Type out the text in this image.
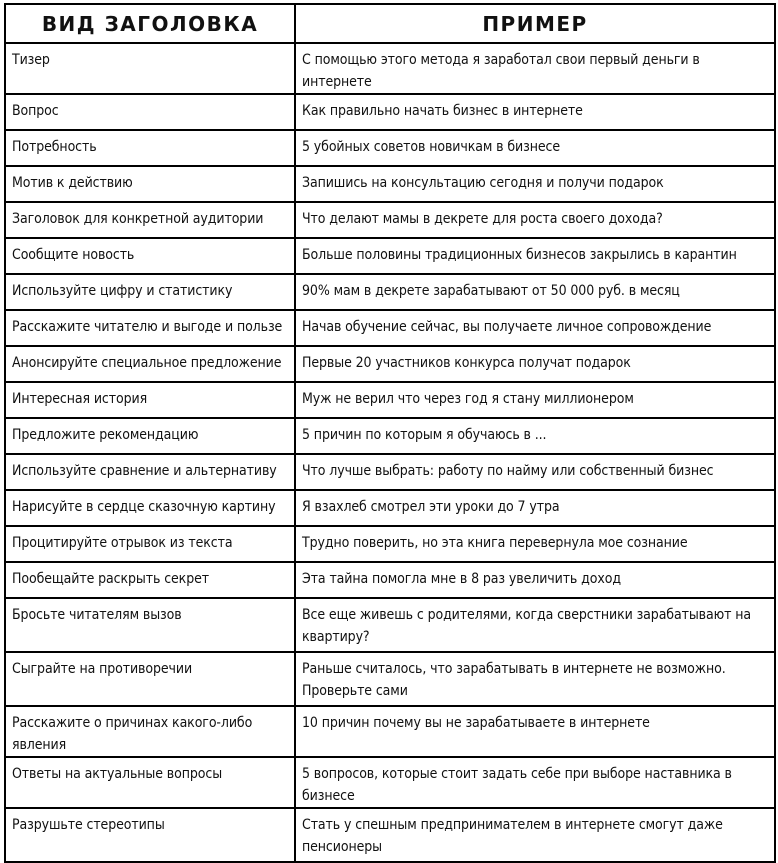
ВИД ЗАГОЛОВКА	ПРИМЕР
Тизер	С помощью этого метода я заработал свои первый деньги в интернете
Вопрос	Как правильно начать бизнес в интернете
Потребность	5 убойных советов новичкам в бизнесе
Мотив к действию	Запишись на консультацию сегодня и получи подарок
Заголовок для конкретной аудитории	Что делают мамы в декрете для роста своего дохода?
Сообщите новость	Больше половины традиционных бизнесов закрылись в карантин
Используйте цифру и статистику	90% мам в декрете зарабатывают от 50 000 руб. в месяц
Расскажите читателю и выгоде и пользе	Начав обучение сейчас, вы получаете личное сопровождение
Анонсируйте специальное предложение	Первые 20 участников конкурса получат подарок
Интересная история	Муж не верил что через год я стану миллионером
Предложите рекомендацию	5 причин по которым я обучаюсь в ...
Используйте сравнение и альтернативу	Что лучше выбрать: работу по найму или собственный бизнес
Нарисуйте в сердце сказочную картину	Я взахлеб смотрел эти уроки до 7 утра
Процитируйте отрывок из текста	Трудно поверить, но эта книга перевернула мое сознание
Пообещайте раскрыть секрет	Эта тайна помогла мне в 8 раз увеличить доход
Бросьте читателям вызов	Все еще живешь с родителями, когда сверстники зарабатывают на квартиру?
Сыграйте на противоречии	Раньше считалось, что зарабатывать в интернете не возможно. Проверьте сами
Расскажите о причинах какого-либо явления	10 причин почему вы не зарабатываете в интернете
Ответы на актуальные вопросы	5 вопросов, которые стоит задать себе при выборе наставника в бизнесе
Разрушьте стереотипы	Стать у спешным предпринимателем в интернете смогут даже пенсионеры
